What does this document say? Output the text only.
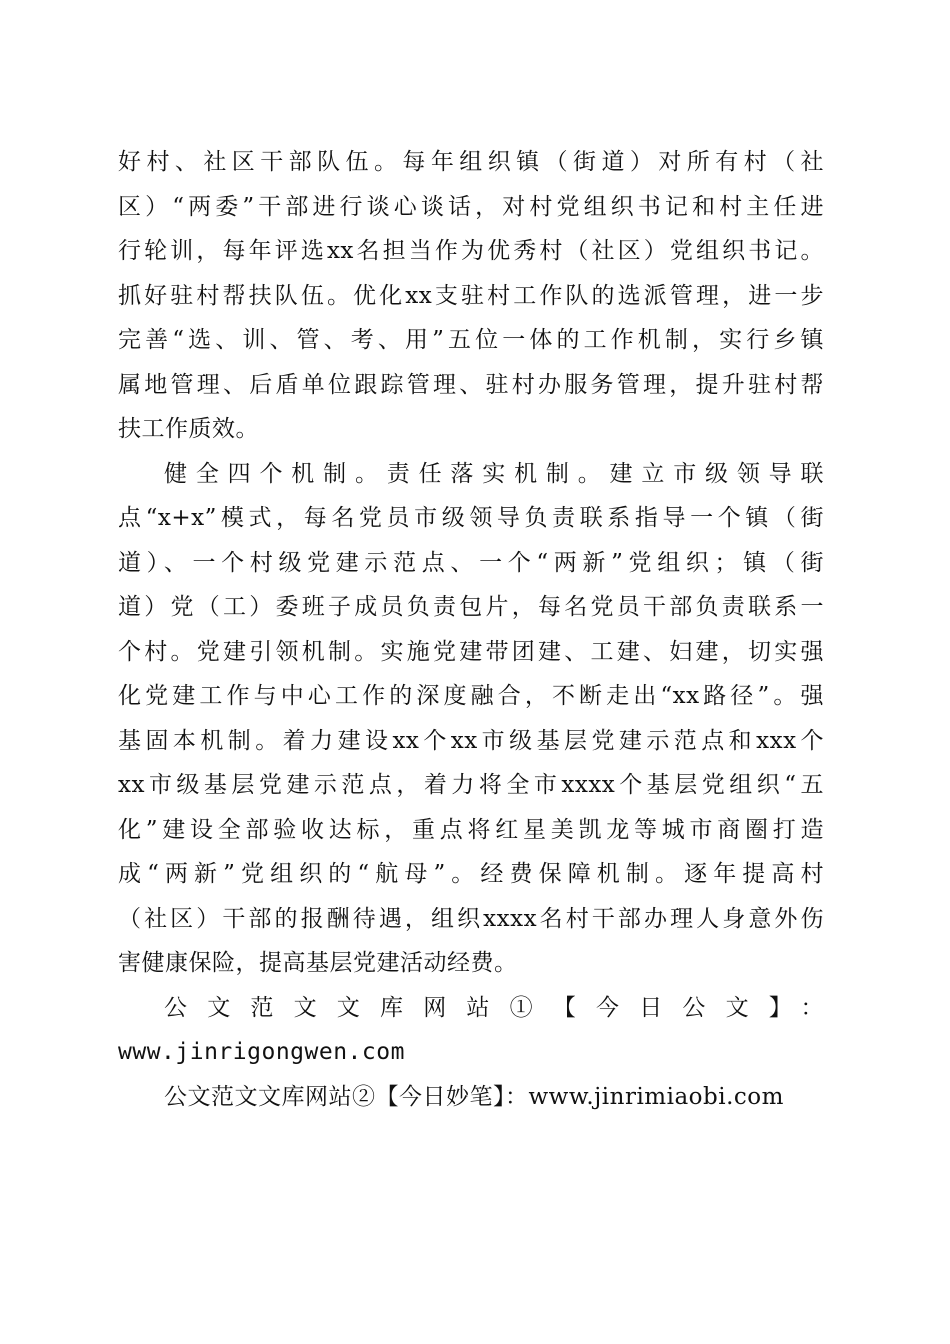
好村、社区干部队伍。每年组织镇（街道）对所有村（社
区）“两委”干部进行谈心谈话，对村党组织书记和村主任进
行轮训，每年评选xx名担当作为优秀村（社区）党组织书记。
抓好驻村帮扶队伍。优化xx支驻村工作队的选派管理，进一步
完善“选、训、管、考、用”五位一体的工作机制，实行乡镇
属地管理、后盾单位跟踪管理、驻村办服务管理，提升驻村帮
扶工作质效。

健全四个机制。责任落实机制。建立市级领导联
点“x+x”模式，每名党员市级领导负责联系指导一个镇（街
道）、一个村级党建示范点、一个“两新”党组织；镇（街
道）党（工）委班子成员负责包片，每名党员干部负责联系一
个村。党建引领机制。实施党建带团建、工建、妇建，切实强
化党建工作与中心工作的深度融合，不断走出“xx路径”。强
基固本机制。着力建设xx个xx市级基层党建示范点和xxx个
xx市级基层党建示范点，着力将全市xxxx个基层党组织“五
化”建设全部验收达标，重点将红星美凯龙等城市商圈打造
成“两新”党组织的“航母”。经费保障机制。逐年提高村
（社区）干部的报酬待遇，组织xxxx名村干部办理人身意外伤
害健康保险，提高基层党建活动经费。

公文范文文库网站①【今日公文】：
www.jinrigongwen.com

公文范文文库网站②【今日妙笔】：www.jinrimiaobi.com
